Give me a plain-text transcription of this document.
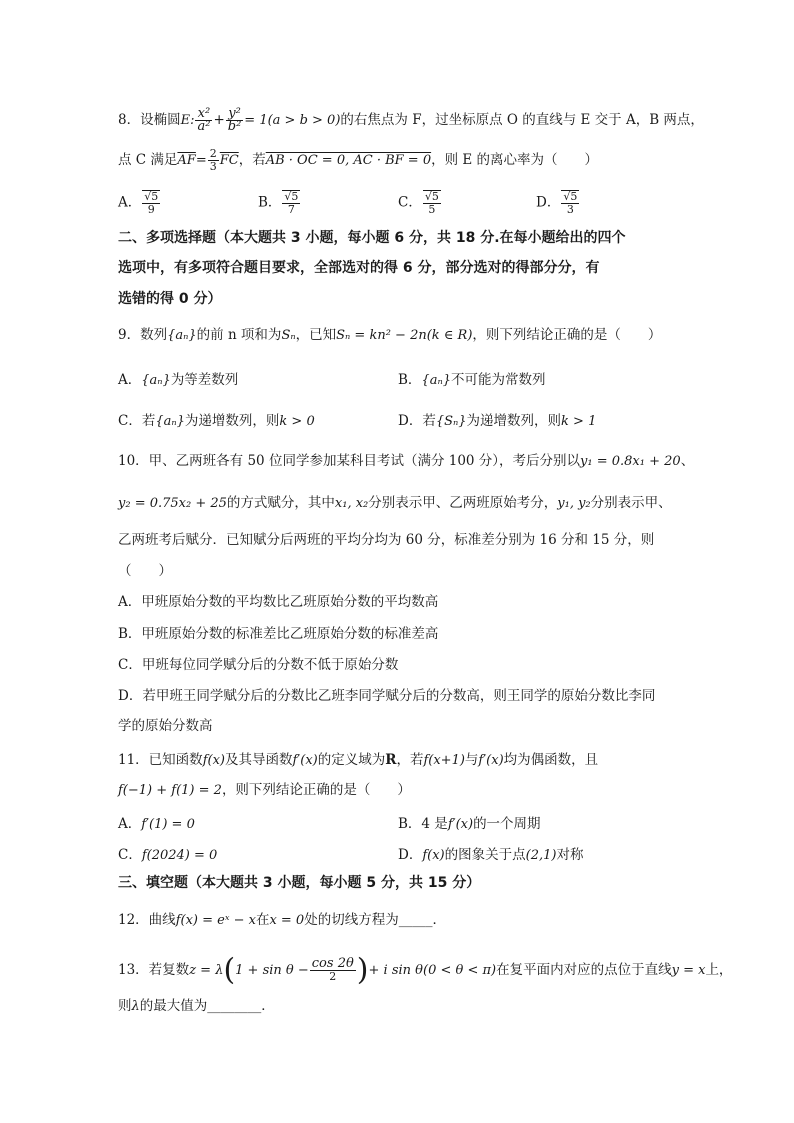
8．设椭圆E: $\frac{\text{x²}}{\text{a²}} + \frac{\text{y²}}{\text{b²}} = 1(a > b > 0)$的右焦点为 F，过坐标原点 O 的直线与 E 交于 A，B 两点，
点 C 满足$\overline{AF}= \frac{2}{3} \overline{FC}$，若AB · OC = 0, AC · BF = 0，则 E 的离心率为（　　）
A． $\frac{√5}{9}$	B． $\frac{√5}{7}$	C． $\frac{√5}{5}$	D． $\frac{√5}{3}$
二、多项选择题（本大题共 3 小题，每小题 6 分，共 18 分.在每小题给出的四个
选项中，有多项符合题目要求，全部选对的得 6 分，部分选对的得部分分，有
选错的得 0 分）
9．数列{aₙ}的前 n 项和为Sₙ，已知Sₙ = kn² − 2n(k ∈ R)，则下列结论正确的是（　　）
A．{aₙ}为等差数列	B．{aₙ}不可能为常数列
C．若{aₙ}为递增数列，则k > 0	D．若{Sₙ}为递增数列，则k > 1
10．甲、乙两班各有 50 位同学参加某科目考试（满分 100 分），考后分别以y₁ = 0.8x₁ + 20、
y₂ = 0.75x₂ + 25的方式赋分，其中x₁, x₂分别表示甲、乙两班原始考分，y₁, y₂分别表示甲、
乙两班考后赋分．已知赋分后两班的平均分均为 60 分，标准差分别为 16 分和 15 分，则
（　　）
A．甲班原始分数的平均数比乙班原始分数的平均数高
B．甲班原始分数的标准差比乙班原始分数的标准差高
C．甲班每位同学赋分后的分数不低于原始分数
D．若甲班王同学赋分后的分数比乙班李同学赋分后的分数高，则王同学的原始分数比李同
学的原始分数高
11．已知函数f(x)及其导函数f′(x)的定义域为R，若f(x+1)与f′(x)均为偶函数，且
f(−1) + f(1) = 2，则下列结论正确的是（　　）
A．f′(1) = 0	B．4 是f′(x)的一个周期
C．f(2024) = 0	D．f(x)的图象关于点(2,1)对称
三、填空题（本大题共 3 小题，每小题 5 分，共 15 分）
12．曲线f(x) = eˣ − x在x = 0处的切线方程为_____．
13．若复数$z = \lambda(1 + \sin \theta - \frac{\cos 2\theta}{2}$ )+ i sin θ(0 < θ < π)在复平面内对应的点位于直线y = x上，
则λ的最大值为________．
